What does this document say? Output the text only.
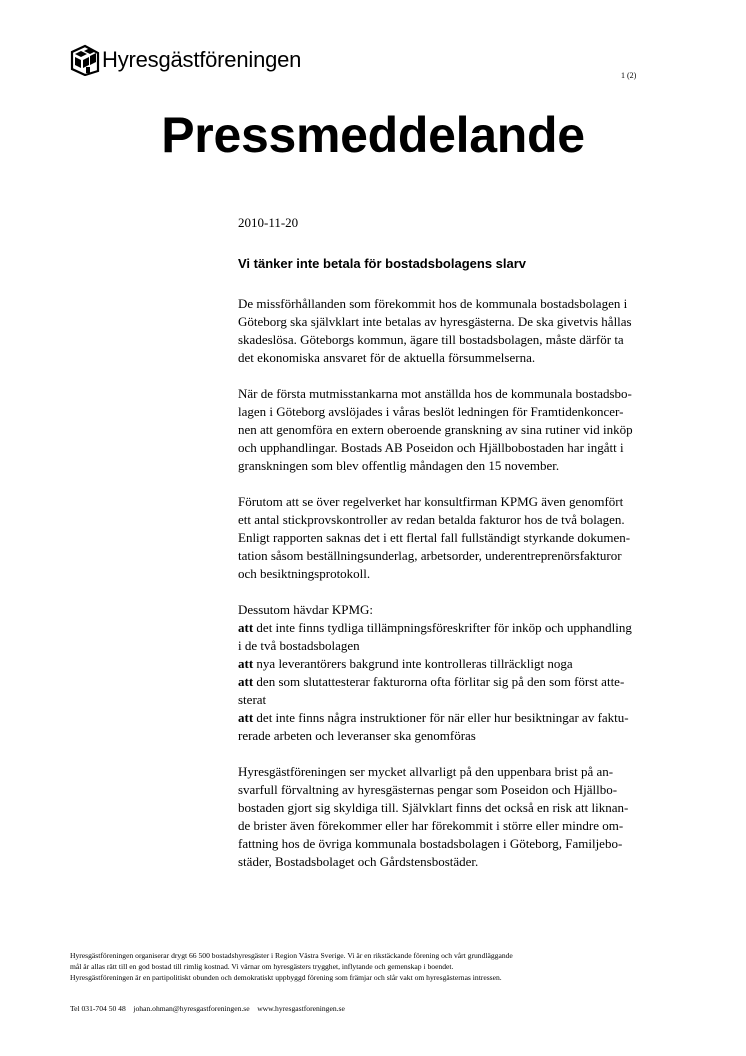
Hyresgästföreningen
1 (2)
Pressmeddelande
2010-11-20
Vi tänker inte betala för bostadsbolagens slarv

De missförhållanden som förekommit hos de kommunala bostadsbolagen i

Göteborg ska självklart inte betalas av hyresgästerna. De ska givetvis hållas

skadeslösa. Göteborgs kommun, ägare till bostadsbolagen, måste därför ta

det ekonomiska ansvaret för de aktuella försummelserna.

När de första mutmisstankarna mot anställda hos de kommunala bostadsbo-

lagen i Göteborg avslöjades i våras beslöt ledningen för Framtidenkoncer-

nen att genomföra en extern oberoende granskning av sina rutiner vid inköp

och upphandlingar. Bostads AB Poseidon och Hjällbobostaden har ingått i

granskningen som blev offentlig måndagen den 15 november.

Förutom att se över regelverket har konsultfirman KPMG även genomfört

ett antal stickprovskontroller av redan betalda fakturor hos de två bolagen.

Enligt rapporten saknas det i ett flertal fall fullständigt styrkande dokumen-

tation såsom beställningsunderlag, arbetsorder, underentreprenörsfakturor

och besiktningsprotokoll.

Dessutom hävdar KPMG:

att det inte finns tydliga tillämpningsföreskrifter för inköp och upphandling

i de två bostadsbolagen

att nya leverantörers bakgrund inte kontrolleras tillräckligt noga

att den som slutattesterar fakturorna ofta förlitar sig på den som först atte-

sterat

att det inte finns några instruktioner för när eller hur besiktningar av faktu-

rerade arbeten och leveranser ska genomföras

Hyresgästföreningen ser mycket allvarligt på den uppenbara brist på an-

svarfull förvaltning av hyresgästernas pengar som Poseidon och Hjällbo-

bostaden gjort sig skyldiga till. Självklart finns det också en risk att liknan-

de brister även förekommer eller har förekommit i större eller mindre om-

fattning hos de övriga kommunala bostadsbolagen i Göteborg, Familjebo-

städer, Bostadsbolaget och Gårdstensbostäder.

Hyresgästföreningen organiserar drygt 66 500 bostadshyresgäster i Region Västra Sverige. Vi är en rikstäckande förening och vårt grundläggande

mål är allas rätt till en god bostad till rimlig kostnad. Vi värnar om hyresgästers trygghet, inflytande och gemenskap i boendet.

Hyresgästföreningen är en partipolitiskt obunden och demokratiskt uppbyggd förening som främjar och slår vakt om hyresgästernas intressen.

Tel 031-704 50 48 johan.ohman@hyresgastforeningen.se www.hyresgastforeningen.se
